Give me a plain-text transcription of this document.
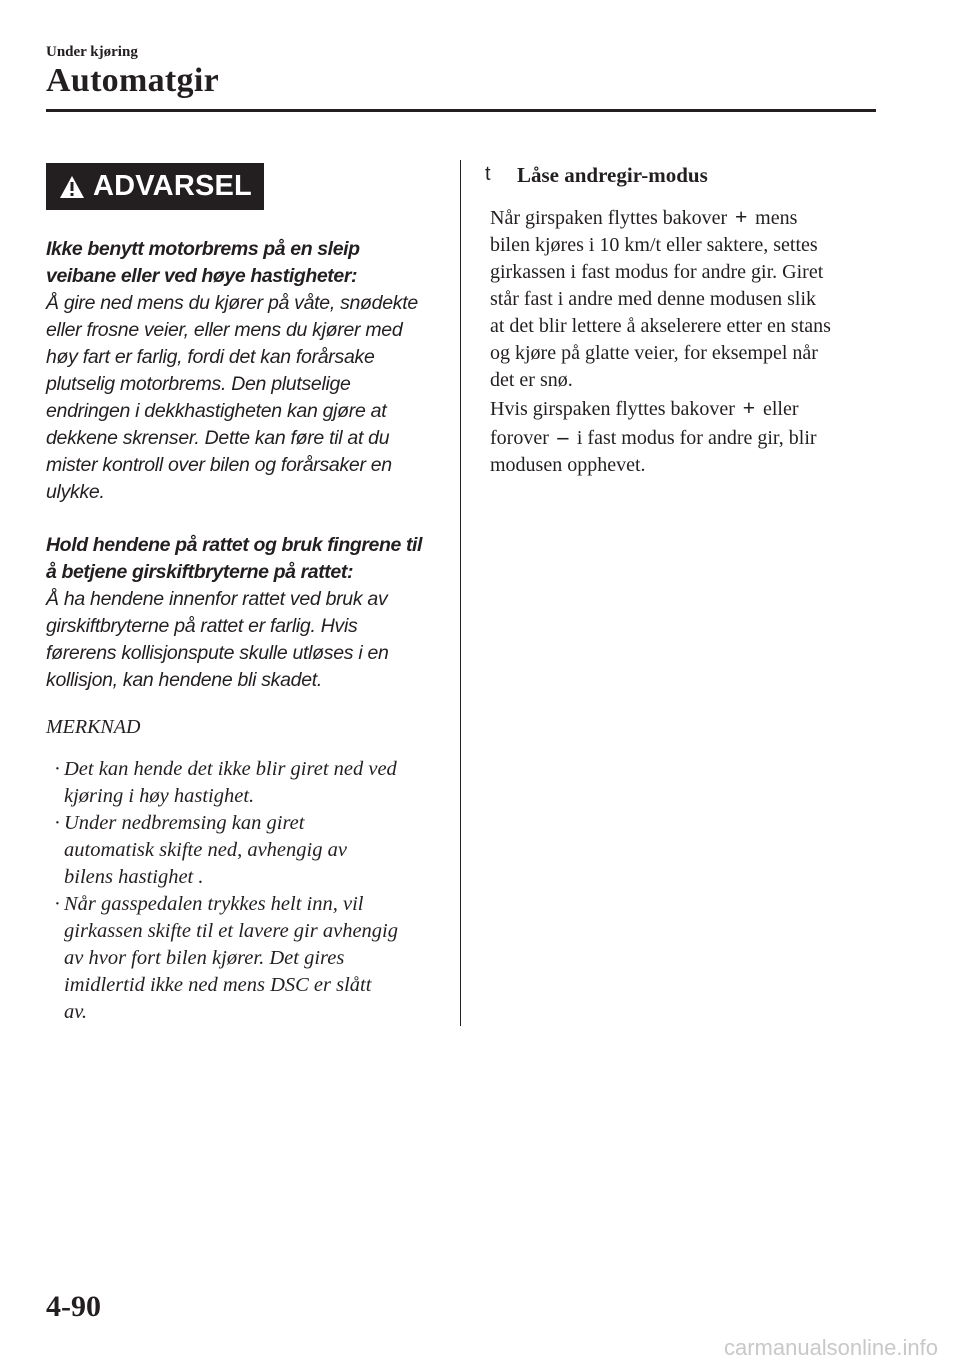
Under kjøring
Automatgir
ADVARSEL

Ikke benytt motorbrems på en sleip
veibane eller ved høye hastigheter:

Å gire ned mens du kjører på våte, snødekte
eller frosne veier, eller mens du kjører med
høy fart er farlig, fordi det kan forårsake
plutselig motorbrems. Den plutselige
endringen i dekkhastigheten kan gjøre at
dekkene skrenser. Dette kan føre til at du
mister kontroll over bilen og forårsaker en
ulykke.

Hold hendene på rattet og bruk fingrene til
å betjene girskiftbryterne på rattet:

Å ha hendene innenfor rattet ved bruk av
girskiftbryterne på rattet er farlig. Hvis
førerens kollisjonspute skulle utløses i en
kollisjon, kan hendene bli skadet.

MERKNAD
· Det kan hende det ikke blir giret ned ved
kjøring i høy hastighet.
· Under nedbremsing kan giret
automatisk skifte ned, avhengig av
bilens hastighet .
· Når gasspedalen trykkes helt inn, vil
girkassen skifte til et lavere gir avhengig
av hvor fort bilen kjører. Det gires
imidlertid ikke ned mens DSC er slått
av.
t Låse andregir-modus

Når girspaken flyttes bakover + mens

bilen kjøres i 10 km/t eller saktere, settes

girkassen i fast modus for andre gir. Giret

står fast i andre med denne modusen slik

at det blir lettere å akselerere etter en stans

og kjøre på glatte veier, for eksempel når

det er snø.

Hvis girspaken flyttes bakover + eller

forover – i fast modus for andre gir, blir

modusen opphevet.

4-90
carmanualsonline.info
